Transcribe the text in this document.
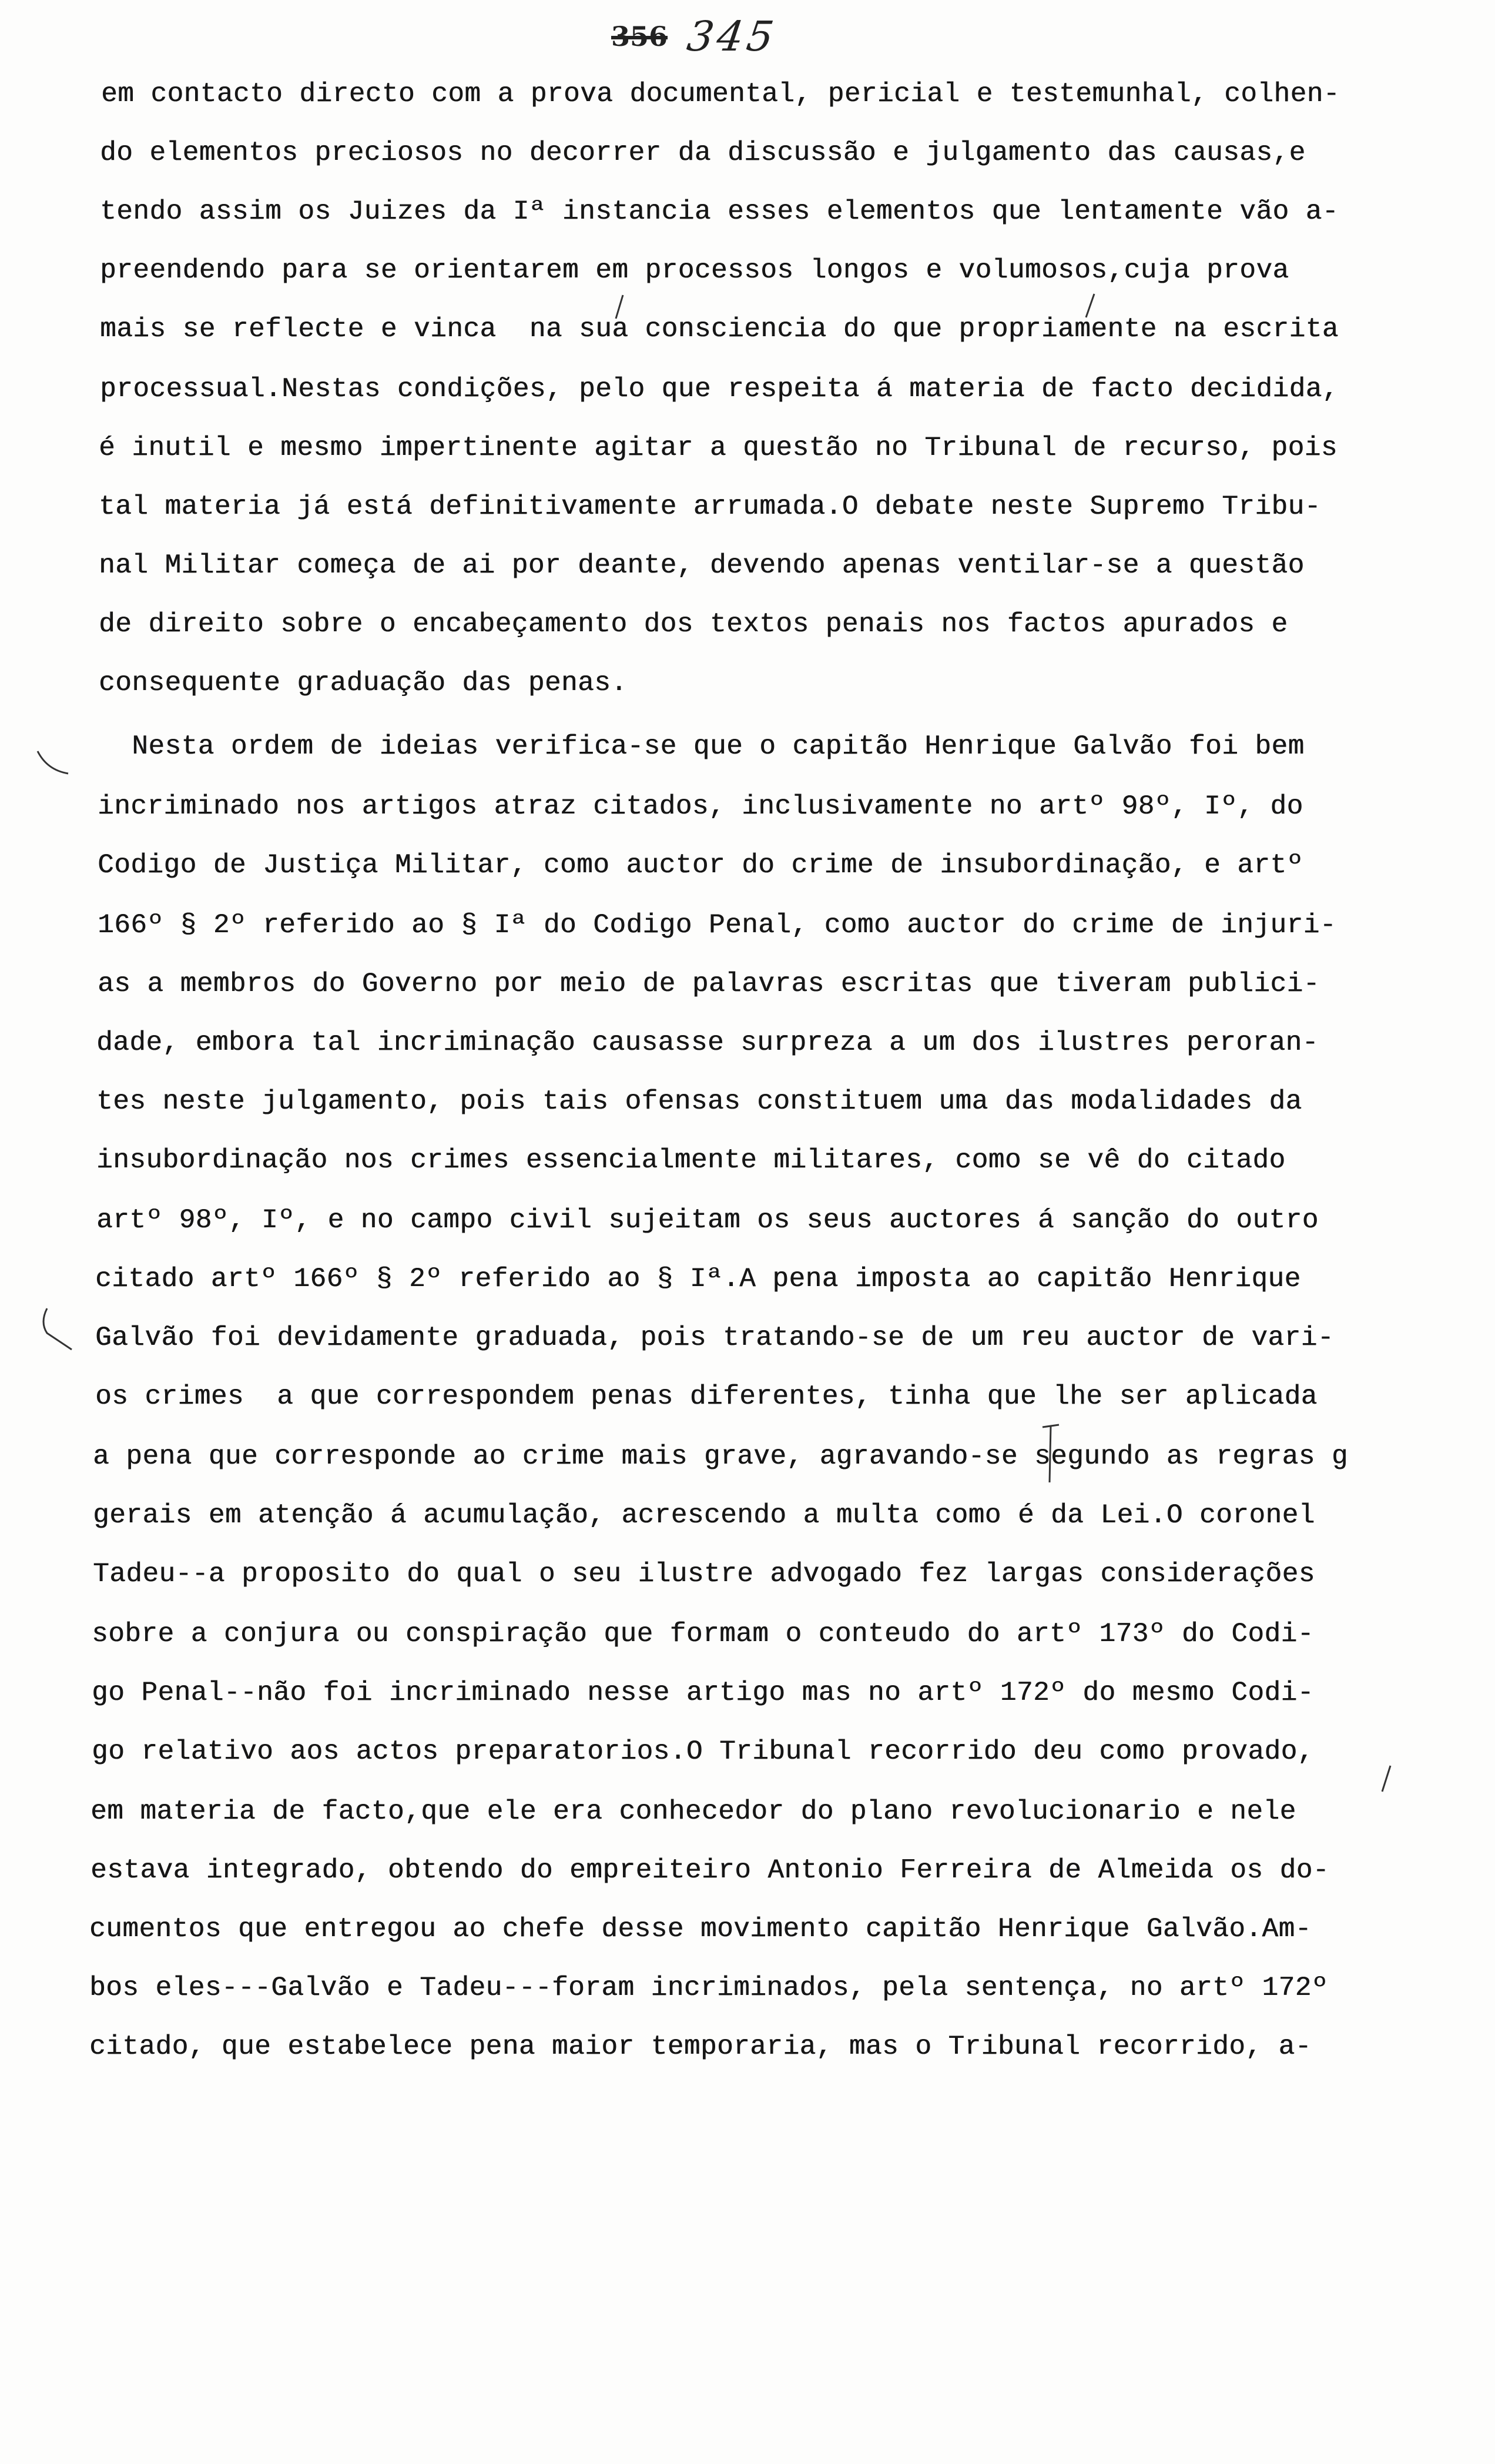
356 345
em contacto directo com a prova documental, pericial e testemunhal, colhen-
do elementos preciosos no decorrer da discussão e julgamento das causas,e
tendo assim os Juizes da Iª instancia esses elementos que lentamente vão a-
preendendo para se orientarem em processos longos e volumosos,cuja prova
mais se reflecte e vinca  na sua consciencia do que propriamente na escrita
processual.Nestas condições, pelo que respeita á materia de facto decidida,
é inutil e mesmo impertinente agitar a questão no Tribunal de recurso, pois
tal materia já está definitivamente arrumada.O debate neste Supremo Tribu-
nal Militar começa de ai por deante, devendo apenas ventilar-se a questão
de direito sobre o encabeçamento dos textos penais nos factos apurados e
consequente graduação das penas.
Nesta ordem de ideias verifica-se que o capitão Henrique Galvão foi bem
incriminado nos artigos atraz citados, inclusivamente no artº 98º, Iº, do
Codigo de Justiça Militar, como auctor do crime de insubordinação, e artº
166º § 2º referido ao § Iª do Codigo Penal, como auctor do crime de injuri-
as a membros do Governo por meio de palavras escritas que tiveram publici-
dade, embora tal incriminação causasse surpreza a um dos ilustres peroran-
tes neste julgamento, pois tais ofensas constituem uma das modalidades da
insubordinação nos crimes essencialmente militares, como se vê do citado
artº 98º, Iº, e no campo civil sujeitam os seus auctores á sanção do outro
citado artº 166º § 2º referido ao § Iª.A pena imposta ao capitão Henrique
Galvão foi devidamente graduada, pois tratando-se de um reu auctor de vari-
os crimes  a que correspondem penas diferentes, tinha que lhe ser aplicada
a pena que corresponde ao crime mais grave, agravando-se segundo as regras g
gerais em atenção á acumulação, acrescendo a multa como é da Lei.O coronel
Tadeu--a proposito do qual o seu ilustre advogado fez largas considerações
sobre a conjura ou conspiração que formam o conteudo do artº 173º do Codi-
go Penal--não foi incriminado nesse artigo mas no artº 172º do mesmo Codi-
go relativo aos actos preparatorios.O Tribunal recorrido deu como provado,
em materia de facto,que ele era conhecedor do plano revolucionario e nele
estava integrado, obtendo do empreiteiro Antonio Ferreira de Almeida os do-
cumentos que entregou ao chefe desse movimento capitão Henrique Galvão.Am-
bos eles---Galvão e Tadeu---foram incriminados, pela sentença, no artº 172º
citado, que estabelece pena maior temporaria, mas o Tribunal recorrido, a-
